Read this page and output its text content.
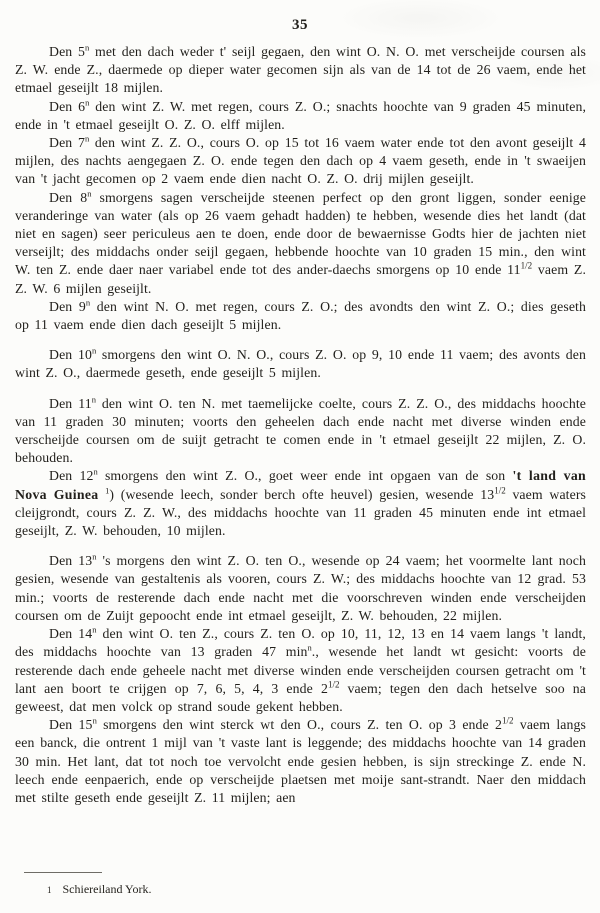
35

Den 5$^n$ met den dach weder t' seijl gegaen, den wint O. N. O. met verscheijde coursen als Z. W. ende Z., daermede op dieper water gecomen sijn als van de 14 tot de 26 vaem, ende het etmael geseijlt 18 mijlen.

Den 6$^n$ den wint Z. W. met regen, cours Z. O.; snachts hoochte van 9 graden 45 minuten, ende in 't etmael geseijlt O. Z. O. elff mijlen.

Den 7$^n$ den wint Z. Z. O., cours O. op 15 tot 16 vaem water ende tot den avont geseijlt 4 mijlen, des nachts aengegaen Z. O. ende tegen den dach op 4 vaem geseth, ende in 't swaeijen van 't jacht gecomen op 2 vaem ende dien nacht O. Z. O. drij mijlen geseijlt.

Den 8$^n$ smorgens sagen verscheijde steenen perfect op den gront liggen, sonder eenige veranderinge van water (als op 26 vaem gehadt hadden) te hebben, wesende dies het landt (dat niet en sagen) seer periculeus aen te doen, ende door de bewaernisse Godts hier de jachten niet verseijlt; des middachs onder seijl gegaen, hebbende hoochte van 10 graden 15 min., den wint W. ten Z. ende daer naer variabel ende tot des ander-daechs smorgens op 10 ende $11^{1/2}$ vaem Z. Z. W. 6 mijlen geseijlt.

Den 9$^n$ den wint N. O. met regen, cours Z. O.; des avondts den wint Z. O.; dies geseth op 11 vaem ende dien dach geseijlt 5 mijlen.

Den 10$^n$ smorgens den wint O. N. O., cours Z. O. op 9, 10 ende 11 vaem; des avonts den wint Z. O., daermede geseth, ende geseijlt 5 mijlen.

Den 11$^n$ den wint O. ten N. met taemelijcke coelte, cours Z. Z. O., des middachs hoochte van 11 graden 30 minuten; voorts den geheelen dach ende nacht met diverse winden ende verscheijde coursen om de suijt getracht te comen ende in 't etmael geseijlt 22 mijlen, Z. O. behouden.

Den 12$^n$ smorgens den wint Z. O., goet weer ende int opgaen van de son 't land van Nova Guinea $^1$) (wesende leech, sonder berch ofte heuvel) gesien, wesende $13^{1/2}$ vaem waters cleijgrondt, cours Z. Z. W., des middachs hoochte van 11 graden 45 minuten ende int etmael geseijlt, Z. W. behouden, 10 mijlen.

Den 13$^n$ 's morgens den wint Z. O. ten O., wesende op 24 vaem; het voormelte lant noch gesien, wesende van gestaltenis als vooren, cours Z. W.; des middachs hoochte van 12 grad. 53 min.; voorts de resterende dach ende nacht met die voorschreven winden ende verscheijden coursen om de Zuijt gepoocht ende int etmael geseijlt, Z. W. behouden, 22 mijlen.

Den 14$^n$ den wint O. ten Z., cours Z. ten O. op 10, 11, 12, 13 en 14 vaem langs 't landt, des middachs hoochte van 13 graden 47 $\min^n$., wesende het landt wt gesicht: voorts de resterende dach ende geheele nacht met diverse winden ende verscheijden coursen getracht om 't lant aen boort te crijgen op 7, 6, 5, 4, 3 ende $2^{1/2}$ vaem; tegen den dach hetselve soo na geweest, dat men volck op strand soude gekent hebben.

Den 15$^n$ smorgens den wint sterck wt den O., cours Z. ten O. op 3 ende $2^{1/2}$ vaem langs een banck, die ontrent 1 mijl van 't vaste lant is leggende; des middachs hoochte van 14 graden 30 min. Het lant, dat tot noch toe vervolcht ende gesien hebben, is sijn streckinge Z. ende N. leech ende eenpaerich, ende op verscheijde plaetsen met moije sant-strandt. Naer den middach met stilte geseth ende geseijlt Z. 11 mijlen; aen

1 Schiereiland York.
